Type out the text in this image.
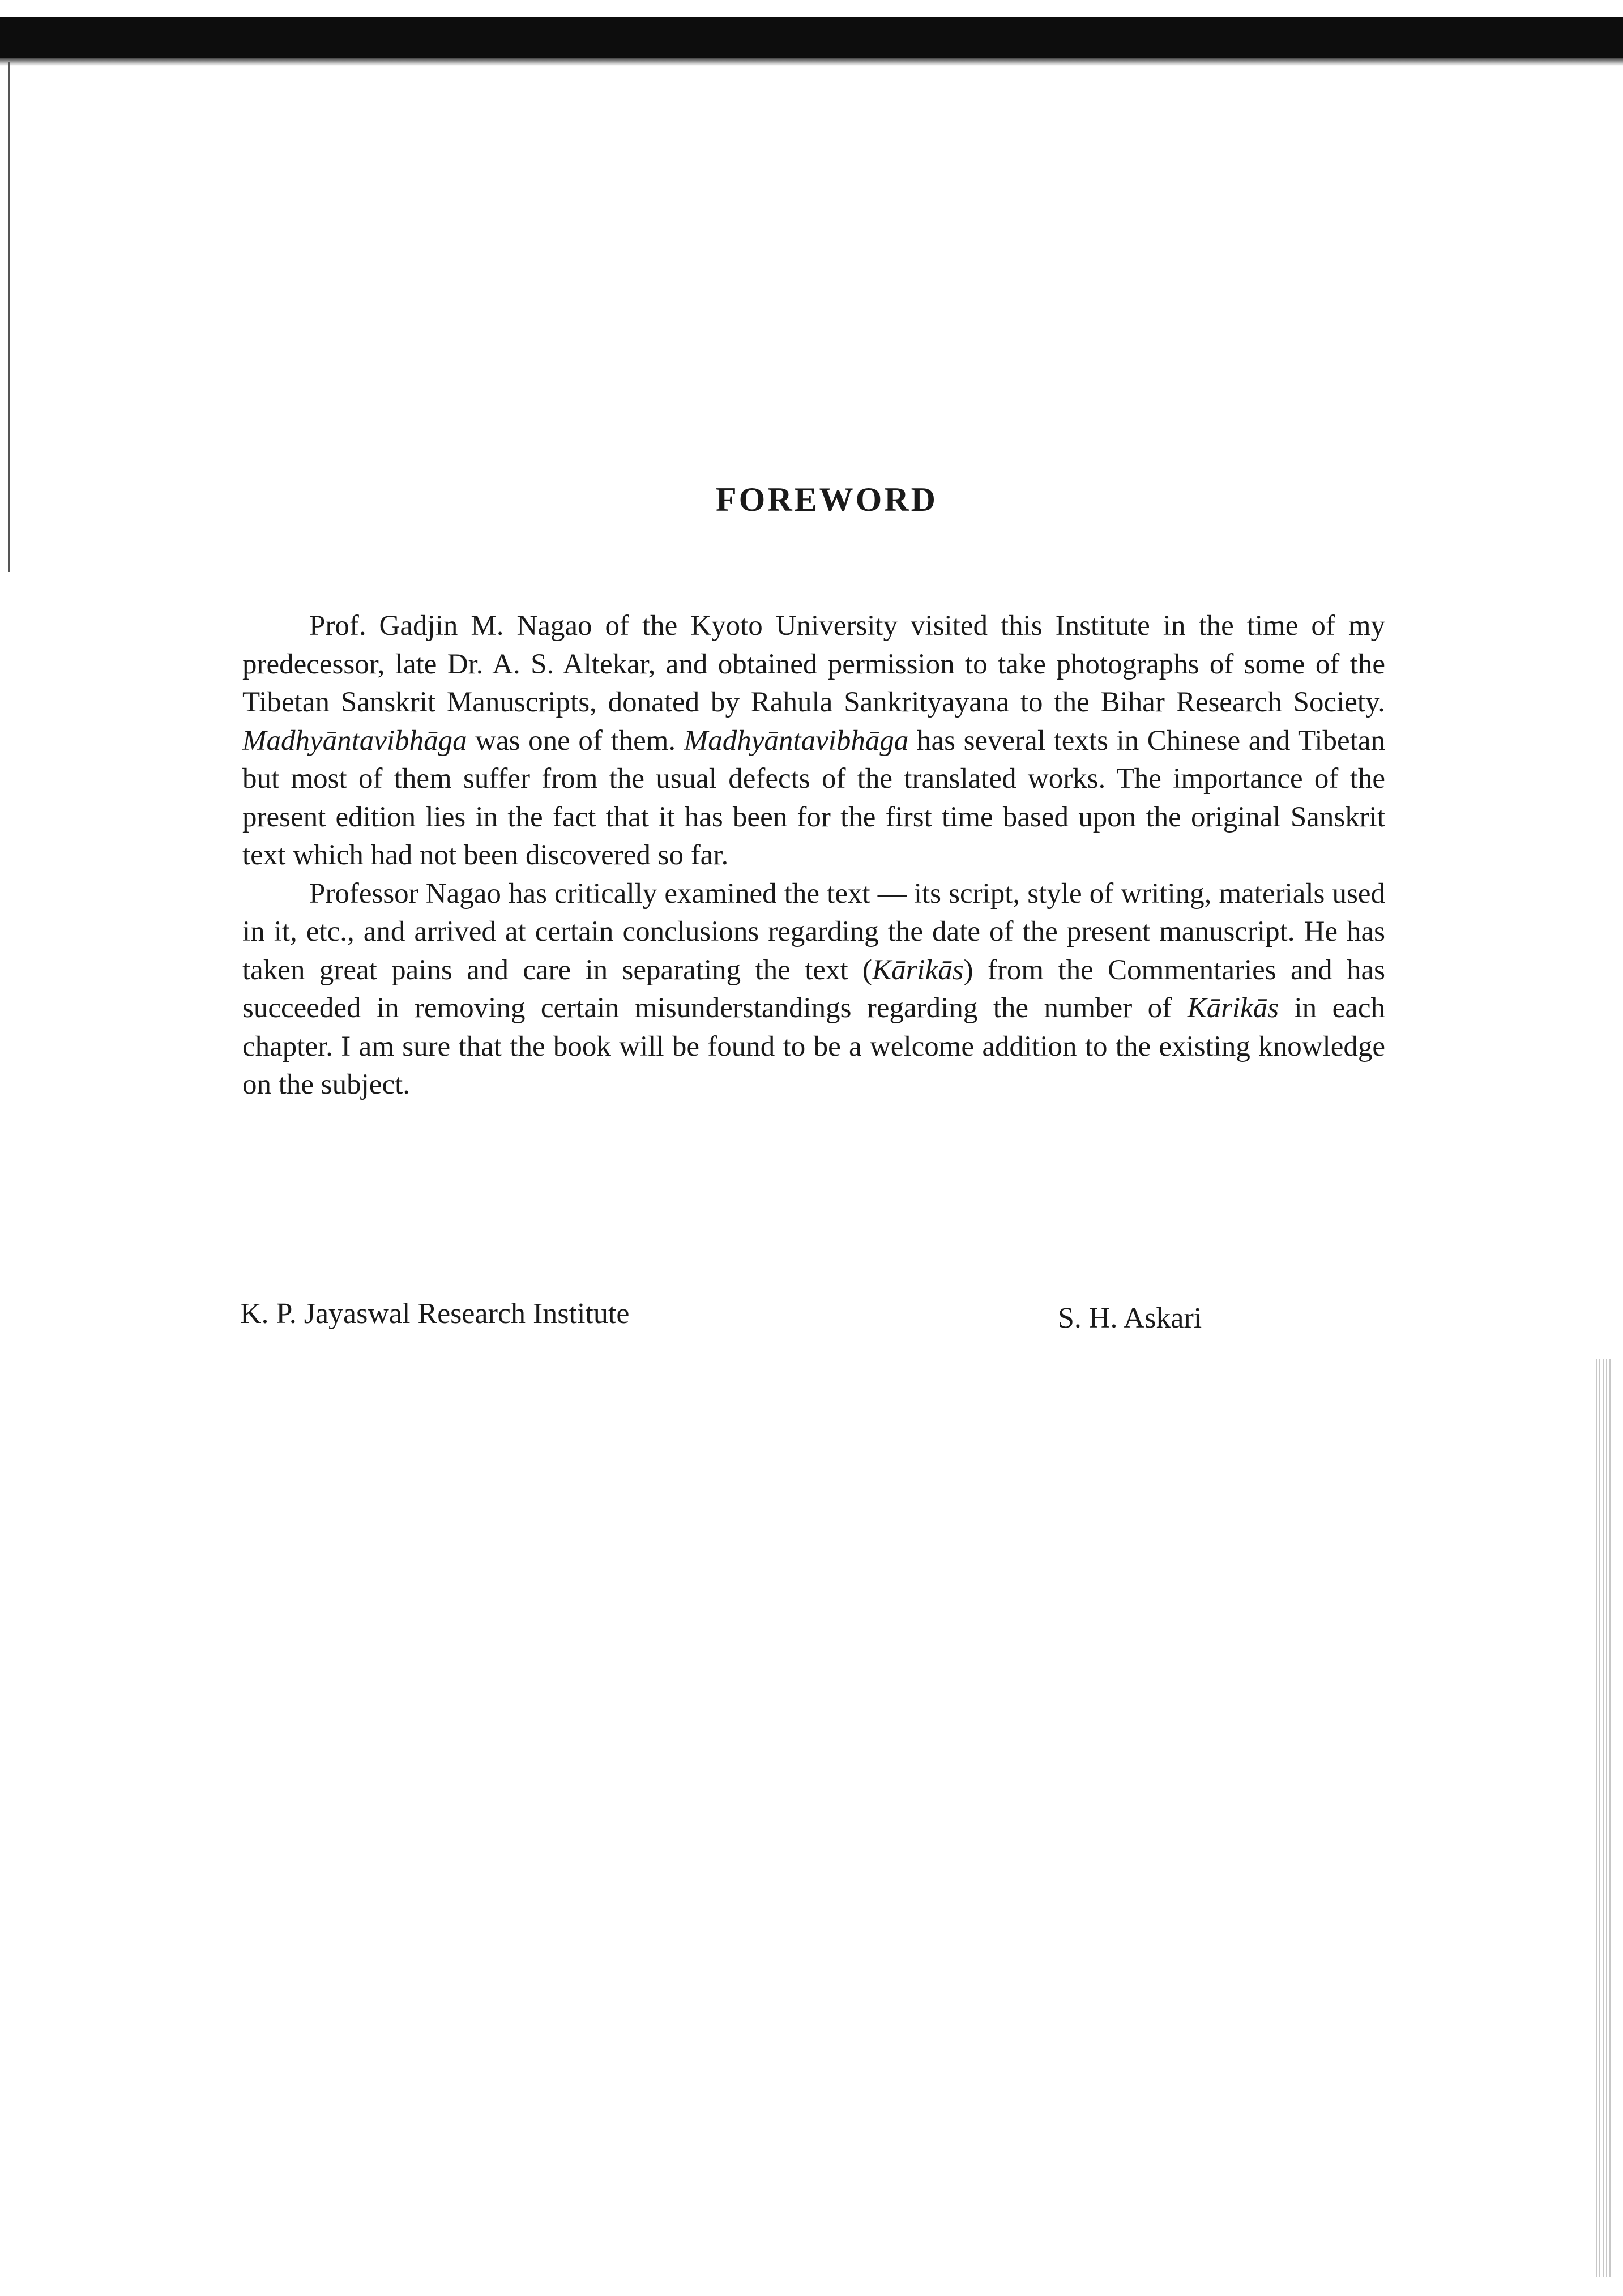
FOREWORD

Prof. Gadjin M. Nagao of the Kyoto University visited this Institute in the time of my predecessor, late Dr. A. S. Altekar, and obtained permission to take photographs of some of the Tibetan Sanskrit Manuscripts, donated by Rahula Sankrityayana to the Bihar Research Society. Madhyāntavibhāga was one of them. Madhyāntavibhāga has several texts in Chinese and Tibetan but most of them suffer from the usual defects of the translated works. The importance of the present edition lies in the fact that it has been for the first time based upon the original Sanskrit text which had not been discovered so far.

Professor Nagao has critically examined the text — its script, style of writing, materials used in it, etc., and arrived at certain conclusions regarding the date of the present manuscript. He has taken great pains and care in separating the text (Kārikās) from the Commentaries and has succeeded in removing certain misunderstandings regarding the number of Kārikās in each chapter. I am sure that the book will be found to be a welcome addition to the existing knowledge on the subject.

K. P. Jayaswal Research Institute	S. H. Askari
